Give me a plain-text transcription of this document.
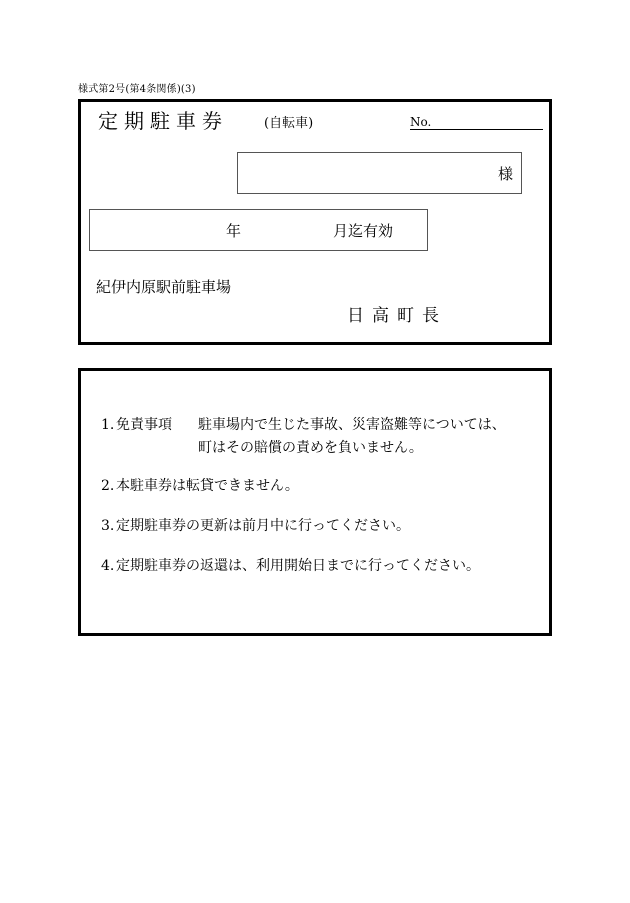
様式第2号(第4条関係)(3)
定期駐車券	(自転車)	No.
様
年	月迄有効
紀伊内原駅前駐車場
日高町長
1. 免責事項 駐車場内で生じた事故、災害盗難等については、
町はその賠償の責めを負いません。
2. 本駐車券は転貸できません。
3. 定期駐車券の更新は前月中に行ってください。
4. 定期駐車券の返還は、利用開始日までに行ってください。
